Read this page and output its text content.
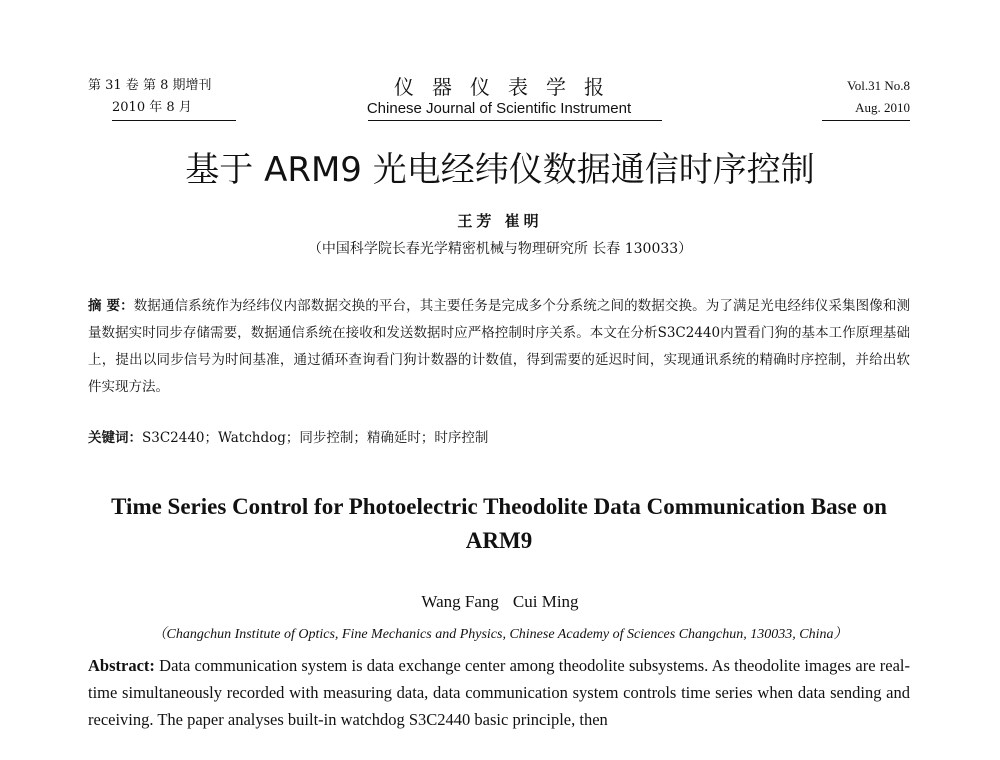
第 31 卷 第 8 期增刊
2010 年 8 月
仪器仪表学报
Chinese Journal of Scientific Instrument
Vol.31 No.8
Aug. 2010
基于 ARM9 光电经纬仪数据通信时序控制
王芳 崔明
（中国科学院长春光学精密机械与物理研究所 长春 130033）
摘 要：数据通信系统作为经纬仪内部数据交换的平台，其主要任务是完成多个分系统之间的数据交换。为了满足光电经纬仪采集图像和测量数据实时同步存储需要，数据通信系统在接收和发送数据时应严格控制时序关系。本文在分析S3C2440内置看门狗的基本工作原理基础上，提出以同步信号为时间基准，通过循环查询看门狗计数器的计数值，得到需要的延迟时间，实现通讯系统的精确时序控制，并给出软件实现方法。
关键词：S3C2440；Watchdog；同步控制；精确延时；时序控制
Time Series Control for Photoelectric Theodolite Data Communication Base on ARM9
Wang Fang Cui Ming
（Changchun Institute of Optics, Fine Mechanics and Physics, Chinese Academy of Sciences Changchun, 130033, China）
Abstract: Data communication system is data exchange center among theodolite subsystems. As theodolite images are real-time simultaneously recorded with measuring data, data communication system controls time series when data sending and receiving. The paper analyses built-in watchdog S3C2440 basic principle, then
